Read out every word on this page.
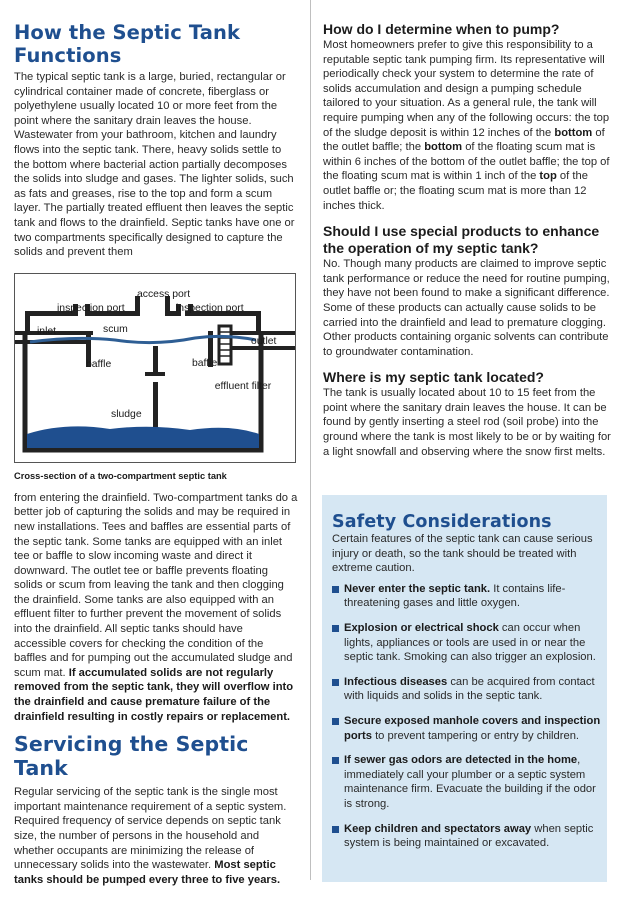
How the Septic Tank Functions

The typical septic tank is a large, buried, rectangular or cylindrical container made of concrete, fiberglass or polyethylene usually located 10 or more feet from the point where the sanitary drain leaves the house. Wastewater from your bathroom, kitchen and laundry flows into the septic tank. There, heavy solids settle to the bottom where bacterial action partially decomposes the solids into sludge and gases. The lighter solids, such as fats and greases, rise to the top and form a scum layer. The partially treated effluent then leaves the septic tank and flows to the drainfield. Septic tanks have one or two compartments specifically designed to capture the solids and prevent them

access port
inspection port	inspection port
inlet	scum
outlet
baffle	baffle
effluent filter
sludge
Cross-section of a two-compartment septic tank

from entering the drainfield. Two-compartment tanks do a better job of capturing the solids and may be required in new installations. Tees and baffles are essential parts of the septic tank. Some tanks are equipped with an inlet tee or baffle to slow incoming waste and direct it downward. The outlet tee or baffle prevents floating solids or scum from leaving the tank and then clogging the drainfield. Some tanks are also equipped with an effluent filter to further prevent the movement of solids into the drainfield. All septic tanks should have accessible covers for checking the condition of the baffles and for pumping out the accumulated sludge and scum mat. If accumulated solids are not regularly removed from the septic tank, they will overflow into the drainfield and cause premature failure of the drainfield resulting in costly repairs or replacement.

Servicing the Septic Tank

Regular servicing of the septic tank is the single most important maintenance requirement of a septic system. Required frequency of service depends on septic tank size, the number of persons in the household and whether occupants are minimizing the release of unnecessary solids into the wastewater. Most septic tanks should be pumped every three to five years.

How do I determine when to pump?

Most homeowners prefer to give this responsibility to a reputable septic tank pumping firm. Its representative will periodically check your system to determine the rate of solids accumulation and design a pumping schedule tailored to your situation. As a general rule, the tank will require pumping when any of the following occurs: the top of the sludge deposit is within 12 inches of the bottom of the outlet baffle; the bottom of the floating scum mat is within 6 inches of the bottom of the outlet baffle; the top of the floating scum mat is within 1 inch of the top of the outlet baffle or; the floating scum mat is more than 12 inches thick.

Should I use special products to enhance the operation of my septic tank?

No. Though many products are claimed to improve septic tank performance or reduce the need for routine pumping, they have not been found to make a significant difference. Some of these products can actually cause solids to be carried into the drainfield and lead to premature clogging. Other products containing organic solvents can contribute to groundwater contamination.

Where is my septic tank located?

The tank is usually located about 10 to 15 feet from the point where the sanitary drain leaves the house. It can be found by gently inserting a steel rod (soil probe) into the ground where the tank is most likely to be or by waiting for a light snowfall and observing where the snow first melts.

Safety Considerations

Certain features of the septic tank can cause serious injury or death, so the tank should be treated with extreme caution.

Never enter the septic tank. It contains life-threatening gases and little oxygen.
Explosion or electrical shock can occur when lights, appliances or tools are used in or near the septic tank. Smoking can also trigger an explosion.
Infectious diseases can be acquired from contact with liquids and solids in the septic tank.
Secure exposed manhole covers and inspection ports to prevent tampering or entry by children.
If sewer gas odors are detected in the home, immediately call your plumber or a septic system maintenance firm. Evacuate the building if the odor is strong.
Keep children and spectators away when septic system is being maintained or excavated.
